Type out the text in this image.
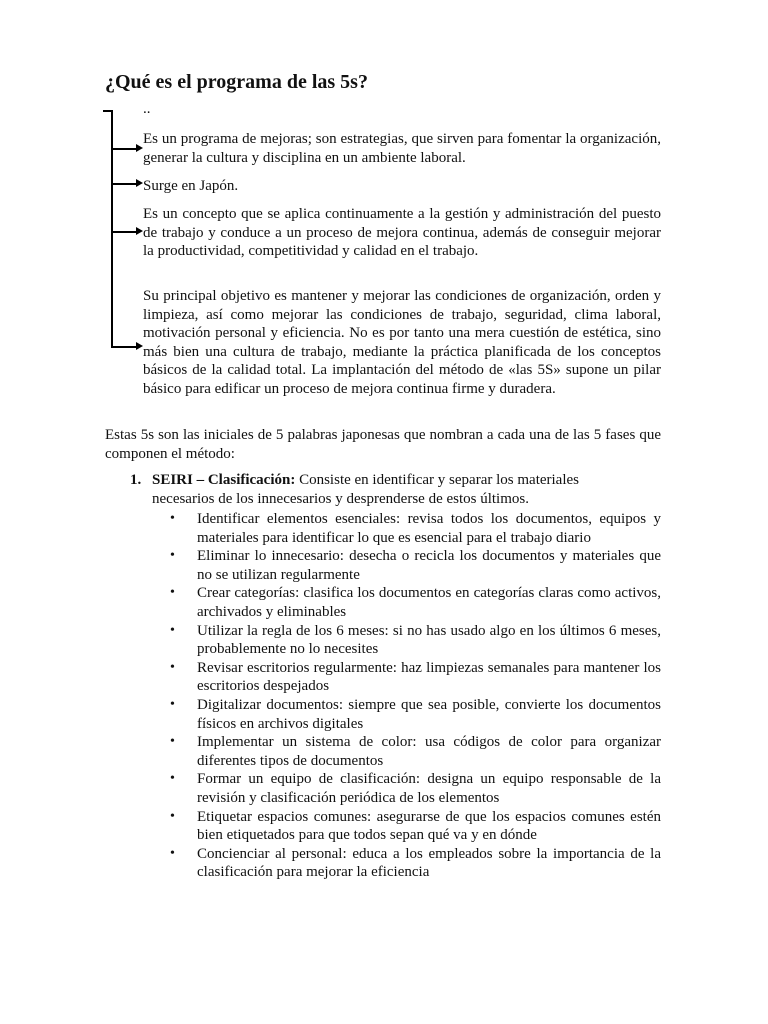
¿Qué es el programa de las 5s?
..

Es un programa de mejoras; son estrategias, que sirven para fomentar la organización, generar la cultura y disciplina en un ambiente laboral.

Surge en Japón.

Es un concepto que se aplica continuamente a la gestión y administración del puesto de trabajo y conduce a un proceso de mejora continua, además de conseguir mejorar la productividad, competitividad y calidad en el trabajo.

Su principal objetivo es mantener y mejorar las condiciones de organización, orden y limpieza, así como mejorar las condiciones de trabajo, seguridad, clima laboral, motivación personal y eficiencia. No es por tanto una mera cuestión de estética, sino más bien una cultura de trabajo, mediante la práctica planificada de los conceptos básicos de la calidad total. La implantación del método de «las 5S» supone un pilar básico para edificar un proceso de mejora continua firme y duradera.

Estas 5s son las iniciales de 5 palabras japonesas que nombran a cada una de las 5 fases que componen el método:

1. SEIRI – Clasificación: Consiste en identificar y separar los materiales
necesarios de los innecesarios y desprenderse de estos últimos.
• Identificar elementos esenciales: revisa todos los documentos, equipos y materiales para identificar lo que es esencial para el trabajo diario
• Eliminar lo innecesario: desecha o recicla los documentos y materiales que no se utilizan regularmente
• Crear categorías: clasifica los documentos en categorías claras como activos, archivados y eliminables
• Utilizar la regla de los 6 meses: si no has usado algo en los últimos 6 meses, probablemente no lo necesites
• Revisar escritorios regularmente: haz limpiezas semanales para mantener los escritorios despejados
• Digitalizar documentos: siempre que sea posible, convierte los documentos físicos en archivos digitales
• Implementar un sistema de color: usa códigos de color para organizar diferentes tipos de documentos
• Formar un equipo de clasificación: designa un equipo responsable de la revisión y clasificación periódica de los elementos
• Etiquetar espacios comunes: asegurarse de que los espacios comunes estén bien etiquetados para que todos sepan qué va y en dónde
• Concienciar al personal: educa a los empleados sobre la importancia de la clasificación para mejorar la eficiencia
